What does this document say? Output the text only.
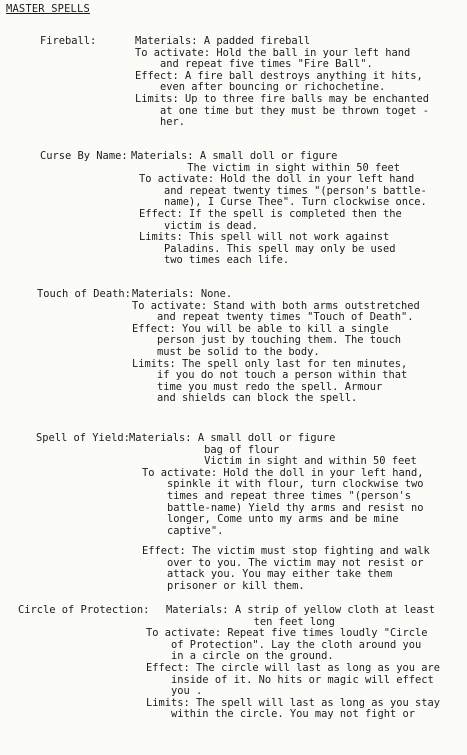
MASTER SPELLS
Fireball:	Materials: A padded fireball
To activate: Hold the ball in your left hand
and repeat five times "Fire Ball".
Effect: A fire ball destroys anything it hits,
even after bouncing or richochetine.
Limits: Up to three fire balls may be enchanted
at one time but they must be thrown toget -
her.
Curse By Name: Materials: A small doll or figure
The victim in sight within 50 feet
To activate: Hold the doll in your left hand
and repeat twenty times "(person's battle-
name), I Curse Thee". Turn clockwise once.
Effect: If the spell is completed then the
victim is dead.
Limits: This spell will not work against
Paladins. This spell may only be used
two times each life.
Touch of Death: Materials: None.
To activate: Stand with both arms outstretched
and repeat twenty times "Touch of Death".
Effect: You will be able to kill a single
person just by touching them. The touch
must be solid to the body.
Limits: The spell only last for ten minutes,
if you do not touch a person within that
time you must redo the spell. Armour
and shields can block the spell.
Spell of Yield: Materials: A small doll or figure
bag of flour
Victim in sight and within 50 feet
To activate: Hold the doll in your left hand,
spinkle it with flour, turn clockwise two
times and repeat three times "(person's
battle-name) Yield thy arms and resist no
longer, Come unto my arms and be mine
captive".
Effect: The victim must stop fighting and walk
over to you. The victim may not resist or
attack you. You may either take them
prisoner or kill them.
Circle of Protection: Materials: A strip of yellow cloth at least
ten feet long
To activate: Repeat five times loudly "Circle
of Protection". Lay the cloth around you
in a circle on the ground.
Effect: The circle will last as long as you are
inside of it. No hits or magic will effect
you .
Limits: The spell will last as long as you stay
within the circle. You may not fight or
